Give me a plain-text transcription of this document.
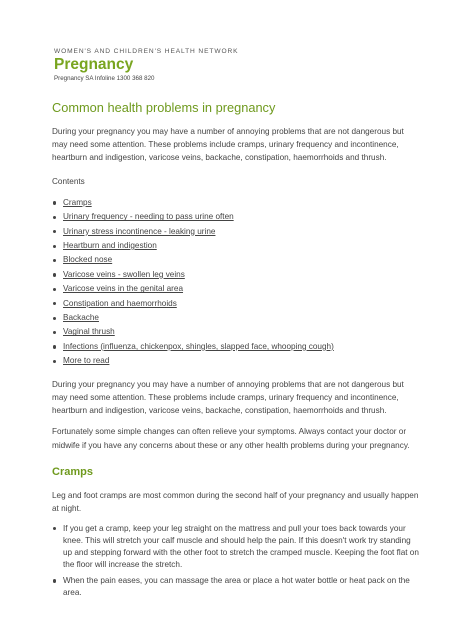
WOMEN'S AND CHILDREN'S HEALTH NETWORK
Pregnancy
Pregnancy SA Infoline 1300 368 820
Common health problems in pregnancy

During your pregnancy you may have a number of annoying problems that are not dangerous but may need some attention. These problems include cramps, urinary frequency and incontinence, heartburn and indigestion, varicose veins, backache, constipation, haemorrhoids and thrush.

Contents

Cramps
Urinary frequency - needing to pass urine often
Urinary stress incontinence - leaking urine
Heartburn and indigestion
Blocked nose
Varicose veins - swollen leg veins
Varicose veins in the genital area
Constipation and haemorrhoids
Backache
Vaginal thrush
Infections (influenza, chickenpox, shingles, slapped face, whooping cough)
More to read

During your pregnancy you may have a number of annoying problems that are not dangerous but may need some attention. These problems include cramps, urinary frequency and incontinence, heartburn and indigestion, varicose veins, backache, constipation, haemorrhoids and thrush.

Fortunately some simple changes can often relieve your symptoms. Always contact your doctor or midwife if you have any concerns about these or any other health problems during your pregnancy.

Cramps

Leg and foot cramps are most common during the second half of your pregnancy and usually happen at night.

If you get a cramp, keep your leg straight on the mattress and pull your toes back towards your knee. This will stretch your calf muscle and should help the pain. If this doesn't work try standing up and stepping forward with the other foot to stretch the cramped muscle. Keeping the foot flat on the floor will increase the stretch.
When the pain eases, you can massage the area or place a hot water bottle or heat pack on the area.
